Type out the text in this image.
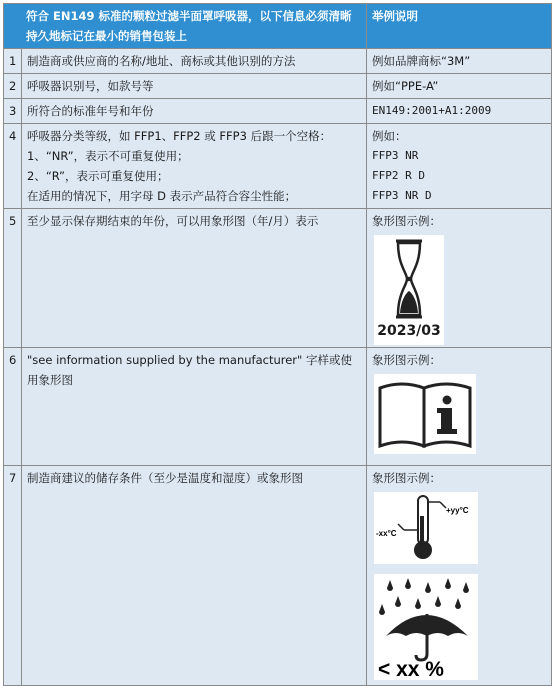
符合 EN149 标准的颗粒过滤半面罩呼吸器，以下信息必须清晰持久地标记在最小的销售包装上		举例说明
1	制造商或供应商的名称/地址、商标或其他识别的方法	例如品牌商标“3M”
2	呼吸器识别号，如款号等	例如“PPE-A”
3	所符合的标准年号和年份	EN149:2001+A1:2009
4	呼吸器分类等级，如 FFP1、FFP2 或 FFP3 后跟一个空格：
1、“NR”，表示不可重复使用；
2、“R”，表示可重复使用；
在适用的情况下，用字母 D 表示产品符合容尘性能；	例如：
FFP3 NR
FFP2 R D
FFP3 NR D

5	至少显示保存期结束的年份，可以用象形图（年/月）表示	象形图示例：
2023/03

6	"see information supplied by the manufacturer" 字样或使用象形图	象形图示例：

7	制造商建议的储存条件（至少是温度和湿度）或象形图	象形图示例：
+yy°C
-xx°C
< xx %
